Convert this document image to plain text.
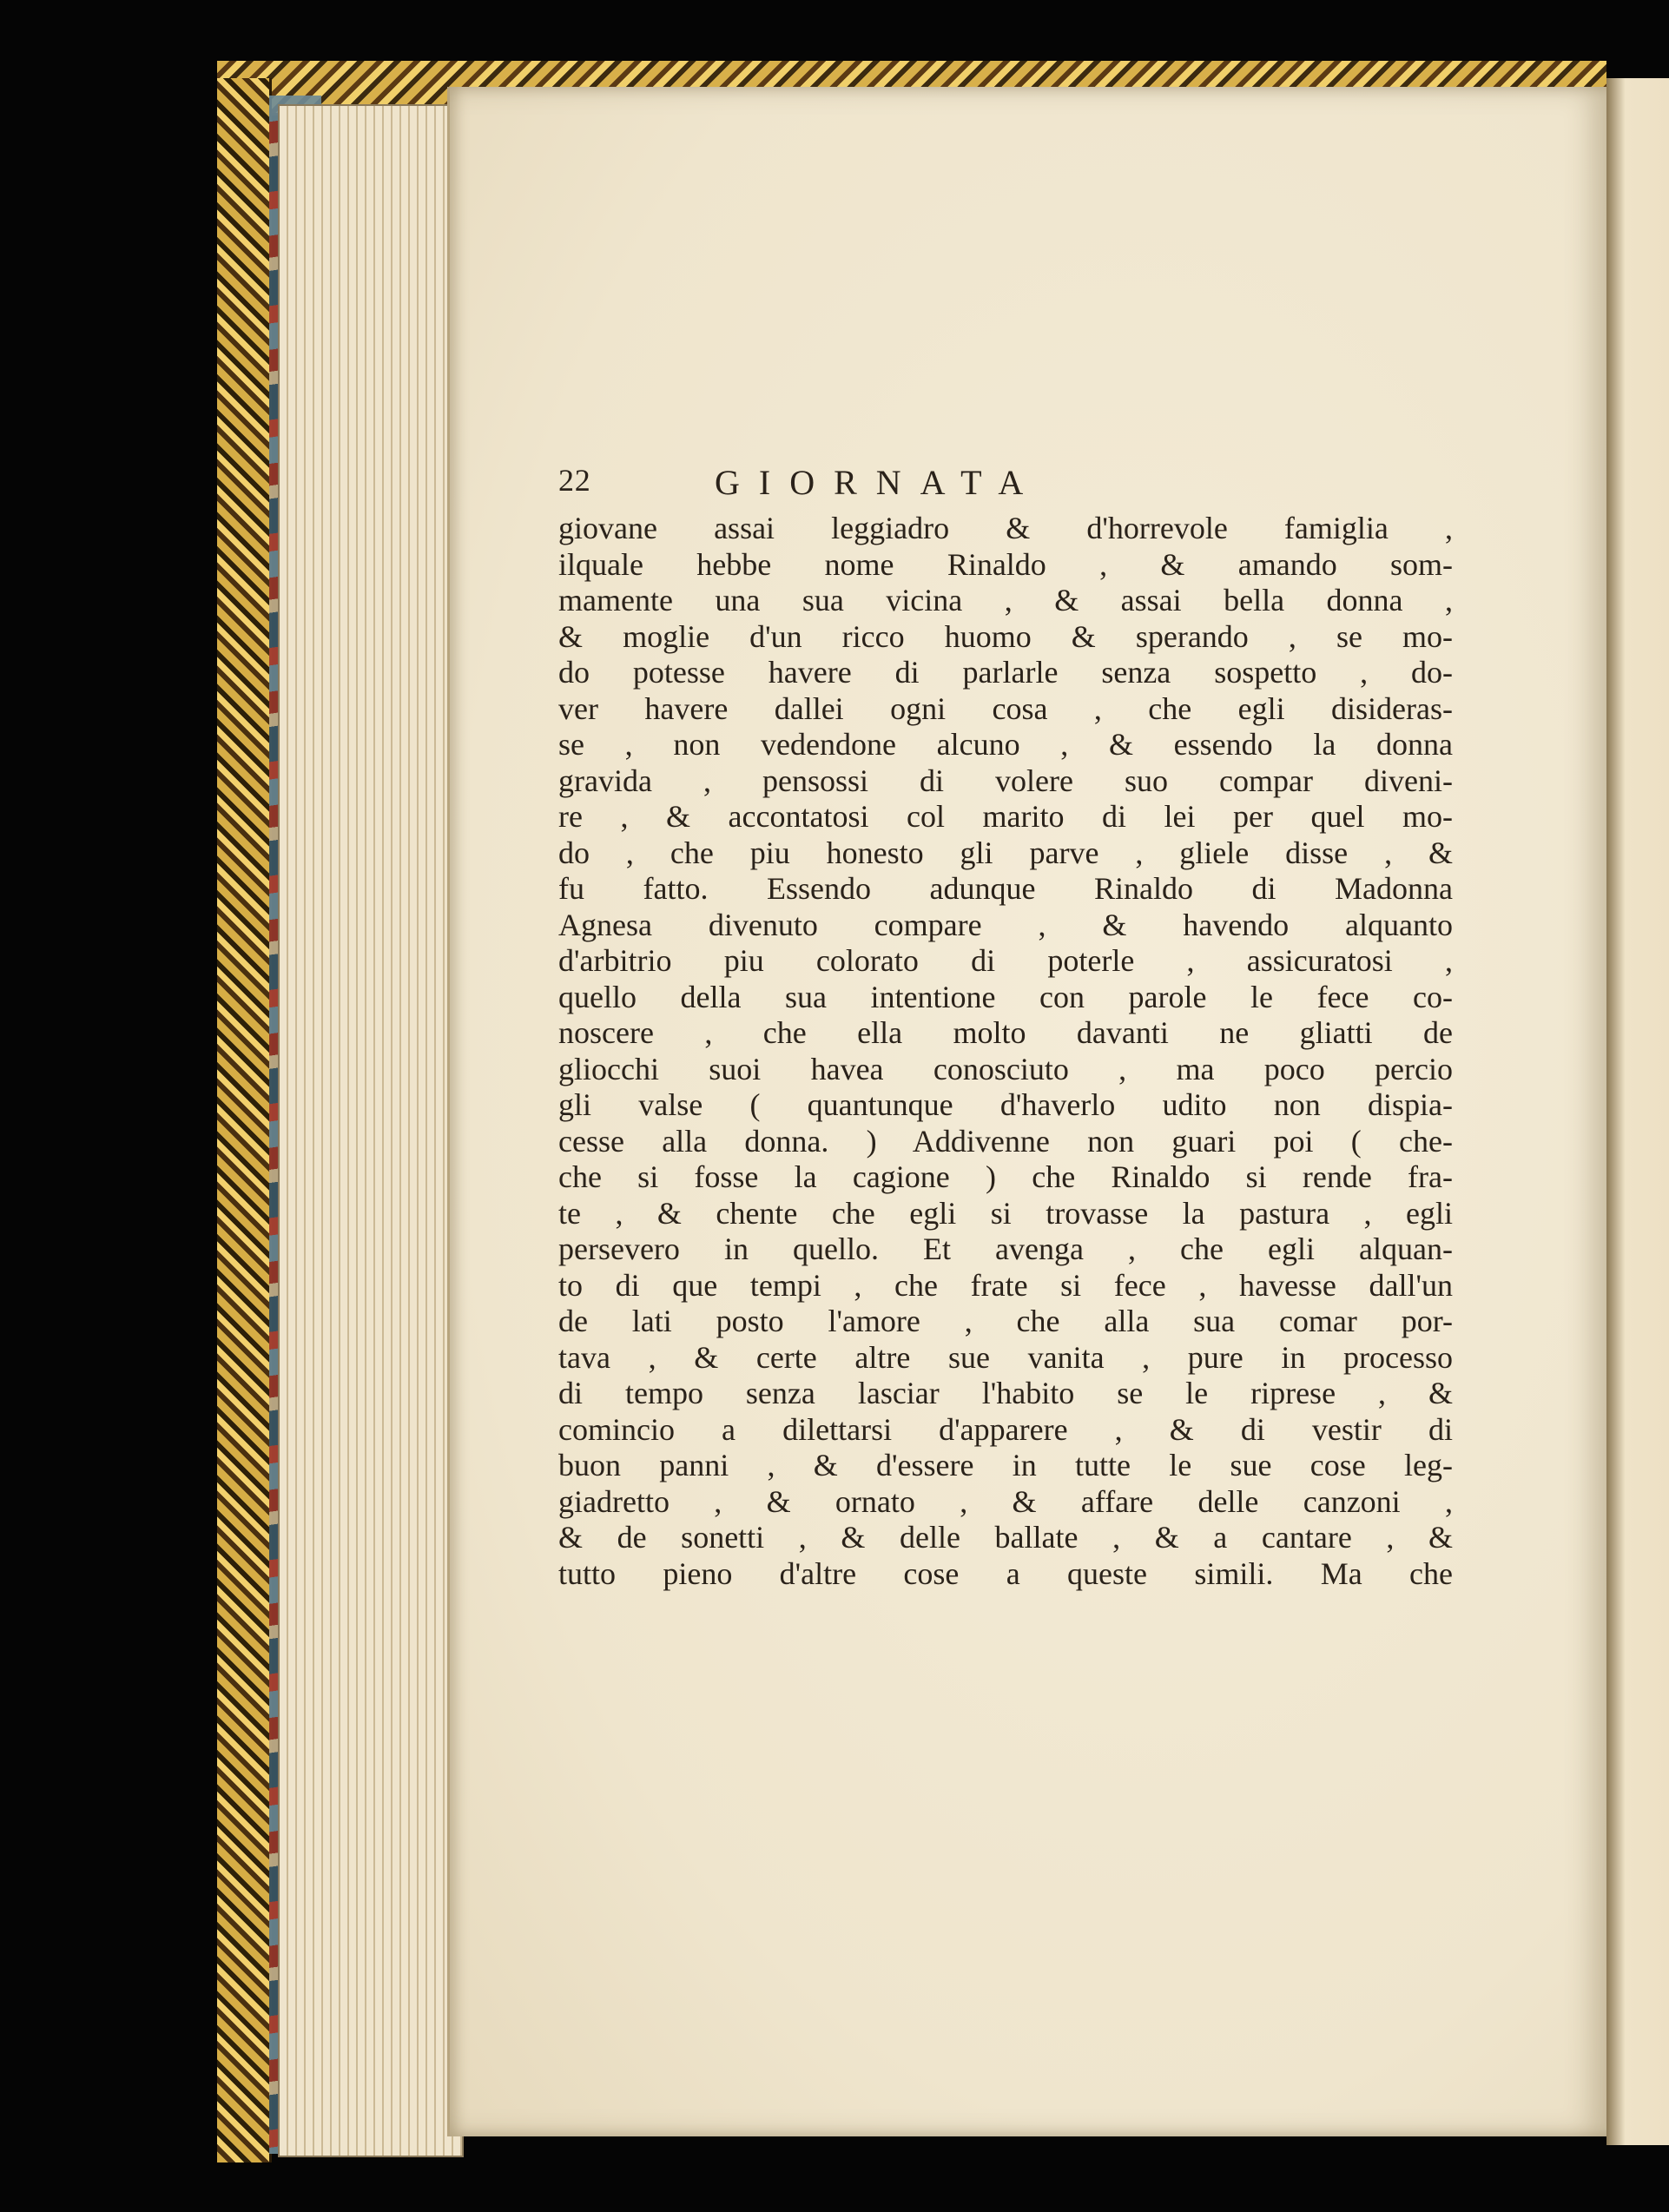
22	GIORNATA
giovane assai leggiadro & d'horrevole famiglia ,
ilquale hebbe nome Rinaldo , & amando som-
mamente una sua vicina , & assai bella donna ,
& moglie d'un ricco huomo & sperando , se mo-
do potesse havere di parlarle senza sospetto , do-
ver havere dallei ogni cosa , che egli disideras-
se , non vedendone alcuno , & essendo la donna
gravida , pensossi di volere suo compar diveni-
re , & accontatosi col marito di lei per quel mo-
do , che piu honesto gli parve , gliele disse , &
fu fatto. Essendo adunque Rinaldo di Madonna
Agnesa divenuto compare , & havendo alquanto
d'arbitrio piu colorato di poterle , assicuratosi ,
quello della sua intentione con parole le fece co-
noscere , che ella molto davanti ne gliatti de
gliocchi suoi havea conosciuto , ma poco percio
gli valse ( quantunque d'haverlo udito non dispia-
cesse alla donna. ) Addivenne non guari poi ( che-
che si fosse la cagione ) che Rinaldo si rende fra-
te , & chente che egli si trovasse la pastura , egli
persevero in quello. Et avenga , che egli alquan-
to di que tempi , che frate si fece , havesse dall'un
de lati posto l'amore , che alla sua comar por-
tava , & certe altre sue vanita , pure in processo
di tempo senza lasciar l'habito se le riprese , &
comincio a dilettarsi d'apparere , & di vestir di
buon panni , & d'essere in tutte le sue cose leg-
giadretto , & ornato , & affare delle canzoni ,
& de sonetti , & delle ballate , & a cantare , &
tutto pieno d'altre cose a queste simili. Ma che
